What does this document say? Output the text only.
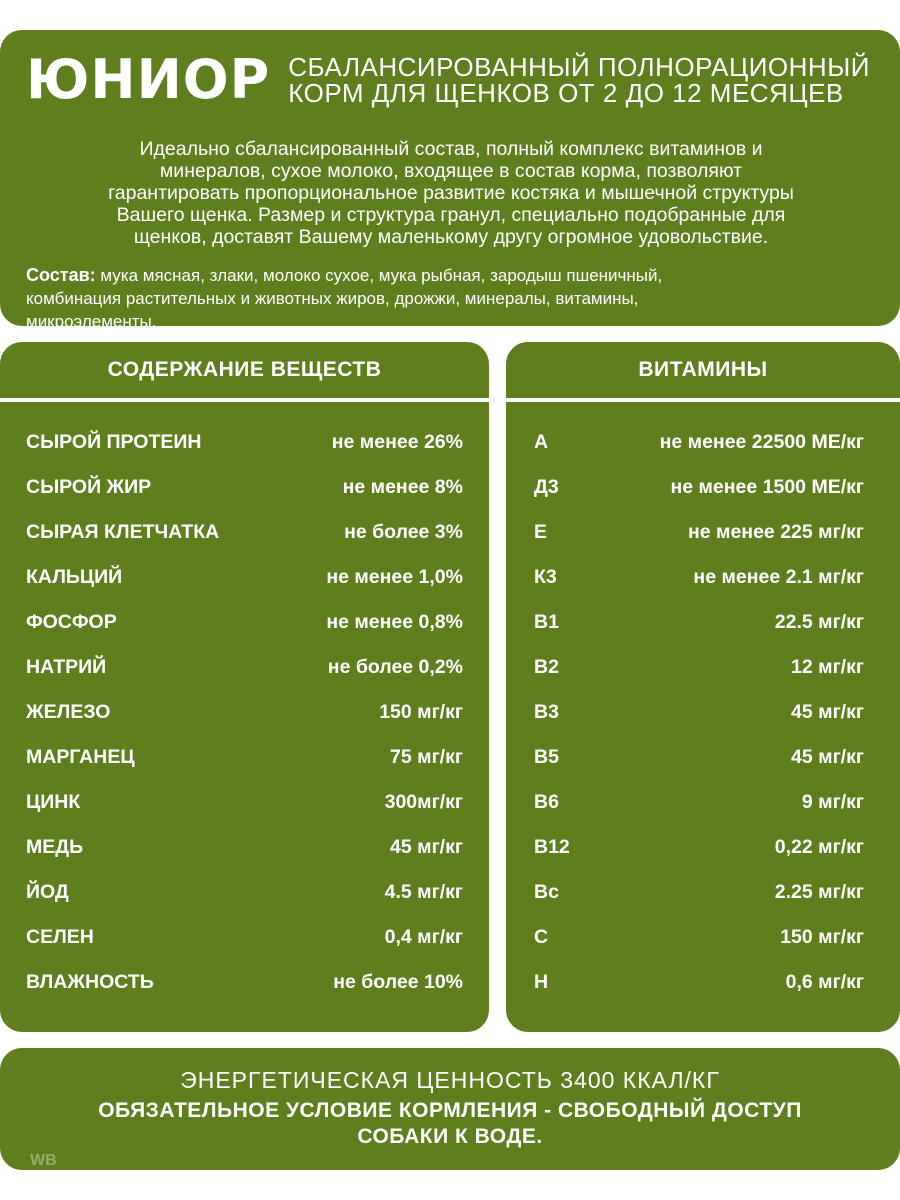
ЮНИОР СБАЛАНСИРОВАННЫЙ ПОЛНОРАЦИОННЫЙ
КОРМ ДЛЯ ЩЕНКОВ ОТ 2 ДО 12 МЕСЯЦЕВ
Идеально сбалансированный состав, полный комплекс витаминов и
минералов, сухое молоко, входящее в состав корма, позволяют
гарантировать пропорциональное развитие костяка и мышечной структуры
Вашего щенка. Размер и структура гранул, специально подобранные для
щенков, доставят Вашему маленькому другу огромное удовольствие.
Состав: мука мясная, злаки, молоко сухое, мука рыбная, зародыш пшеничный,
комбинация растительных и животных жиров, дрожжи, минералы, витамины,
микроэлементы.
СОДЕРЖАНИЕ ВЕЩЕСТВ
СЫРОЙ ПРОТЕИН	не менее 26%
СЫРОЙ ЖИР	не менее 8%
СЫРАЯ КЛЕТЧАТКА	не более 3%
КАЛЬЦИЙ	не менее 1,0%
ФОСФОР	не менее 0,8%
НАТРИЙ	не более 0,2%
ЖЕЛЕЗО	150 мг/кг
МАРГАНЕЦ	75 мг/кг
ЦИНК	300мг/кг
МЕДЬ	45 мг/кг
ЙОД	4.5 мг/кг
СЕЛЕН	0,4 мг/кг
ВЛАЖНОСТЬ	не более 10%
ВИТАМИНЫ
А	не менее 22500 МЕ/кг
Д3	не менее 1500 МЕ/кг
Е	не менее 225 мг/кг
К3	не менее 2.1 мг/кг
В1	22.5 мг/кг
В2	12 мг/кг
В3	45 мг/кг
В5	45 мг/кг
В6	9 мг/кг
В12	0,22 мг/кг
Вс	2.25 мг/кг
С	150 мг/кг
Н	0,6 мг/кг
ЭНЕРГЕТИЧЕСКАЯ ЦЕННОСТЬ 3400 ККАЛ/КГ
ОБЯЗАТЕЛЬНОЕ УСЛОВИЕ КОРМЛЕНИЯ - СВОБОДНЫЙ ДОСТУП
СОБАКИ К ВОДЕ.
WB
